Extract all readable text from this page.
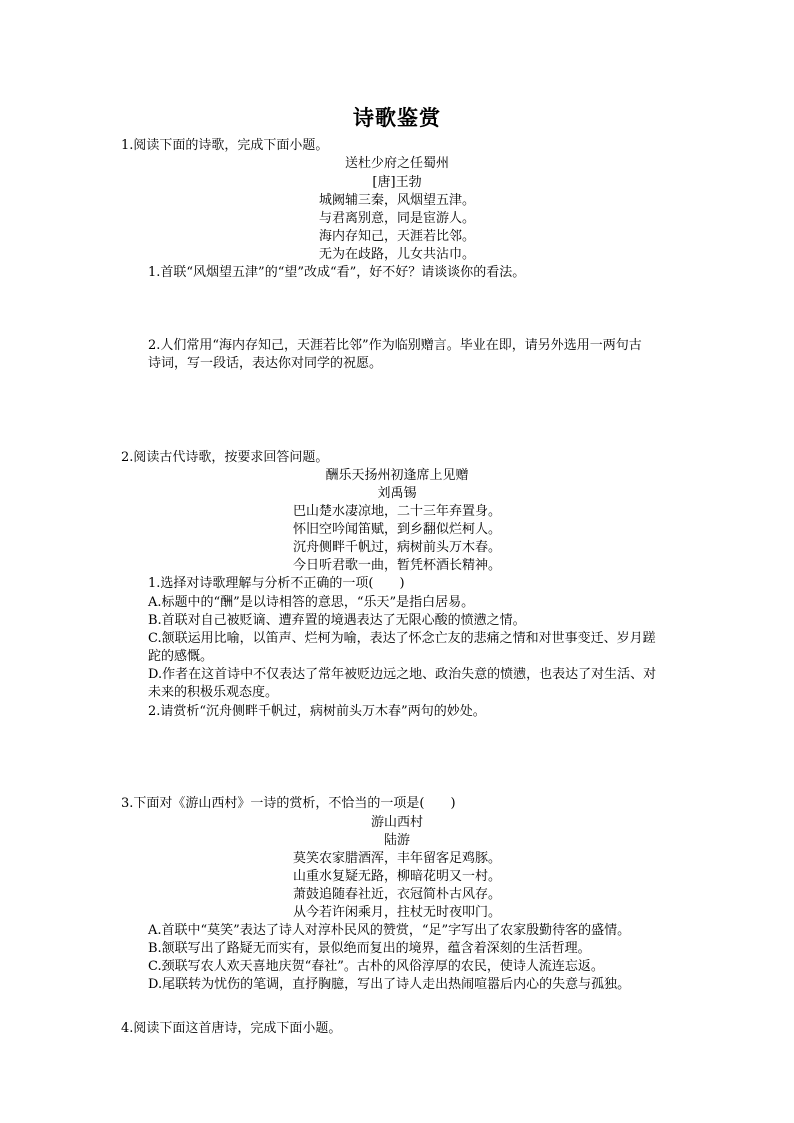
诗歌鉴赏
1.阅读下面的诗歌，完成下面小题。
送杜少府之任蜀州
[唐]王勃
城阙辅三秦，风烟望五津。
与君离别意，同是宦游人。
海内存知己，天涯若比邻。
无为在歧路，儿女共沾巾。
1.首联“风烟望五津”的“望”改成“看”，好不好？请谈谈你的看法。
2.人们常用“海内存知己，天涯若比邻”作为临别赠言。毕业在即，请另外选用一两句古
诗词，写一段话，表达你对同学的祝愿。
2.阅读古代诗歌，按要求回答问题。
酬乐天扬州初逢席上见赠
刘禹锡
巴山楚水凄凉地，二十三年弃置身。
怀旧空吟闻笛赋，到乡翻似烂柯人。
沉舟侧畔千帆过，病树前头万木春。
今日听君歌一曲，暂凭杯酒长精神。
1.选择对诗歌理解与分析不正确的一项(　　)
A.标题中的“酬”是以诗相答的意思，“乐天”是指白居易。
B.首联对自己被贬谪、遭弃置的境遇表达了无限心酸的愤懑之情。
C.颔联运用比喻，以笛声、烂柯为喻，表达了怀念亡友的悲痛之情和对世事变迁、岁月蹉
跎的感慨。
D.作者在这首诗中不仅表达了常年被贬边远之地、政治失意的愤懑，也表达了对生活、对
未来的积极乐观态度。
2.请赏析“沉舟侧畔千帆过，病树前头万木春”两句的妙处。
3.下面对《游山西村》一诗的赏析，不恰当的一项是(　　)
游山西村
陆游
莫笑农家腊酒浑，丰年留客足鸡豚。
山重水复疑无路，柳暗花明又一村。
萧鼓追随春社近，衣冠简朴古风存。
从今若许闲乘月，拄杖无时夜叩门。
A.首联中“莫笑”表达了诗人对淳朴民风的赞赏，“足”字写出了农家殷勤待客的盛情。
B.颔联写出了路疑无而实有，景似绝而复出的境界，蕴含着深刻的生活哲理。
C.颈联写农人欢天喜地庆贺“春社”。古朴的风俗淳厚的农民，使诗人流连忘返。
D.尾联转为忧伤的笔调，直抒胸臆，写出了诗人走出热闹喧嚣后内心的失意与孤独。
4.阅读下面这首唐诗，完成下面小题。
